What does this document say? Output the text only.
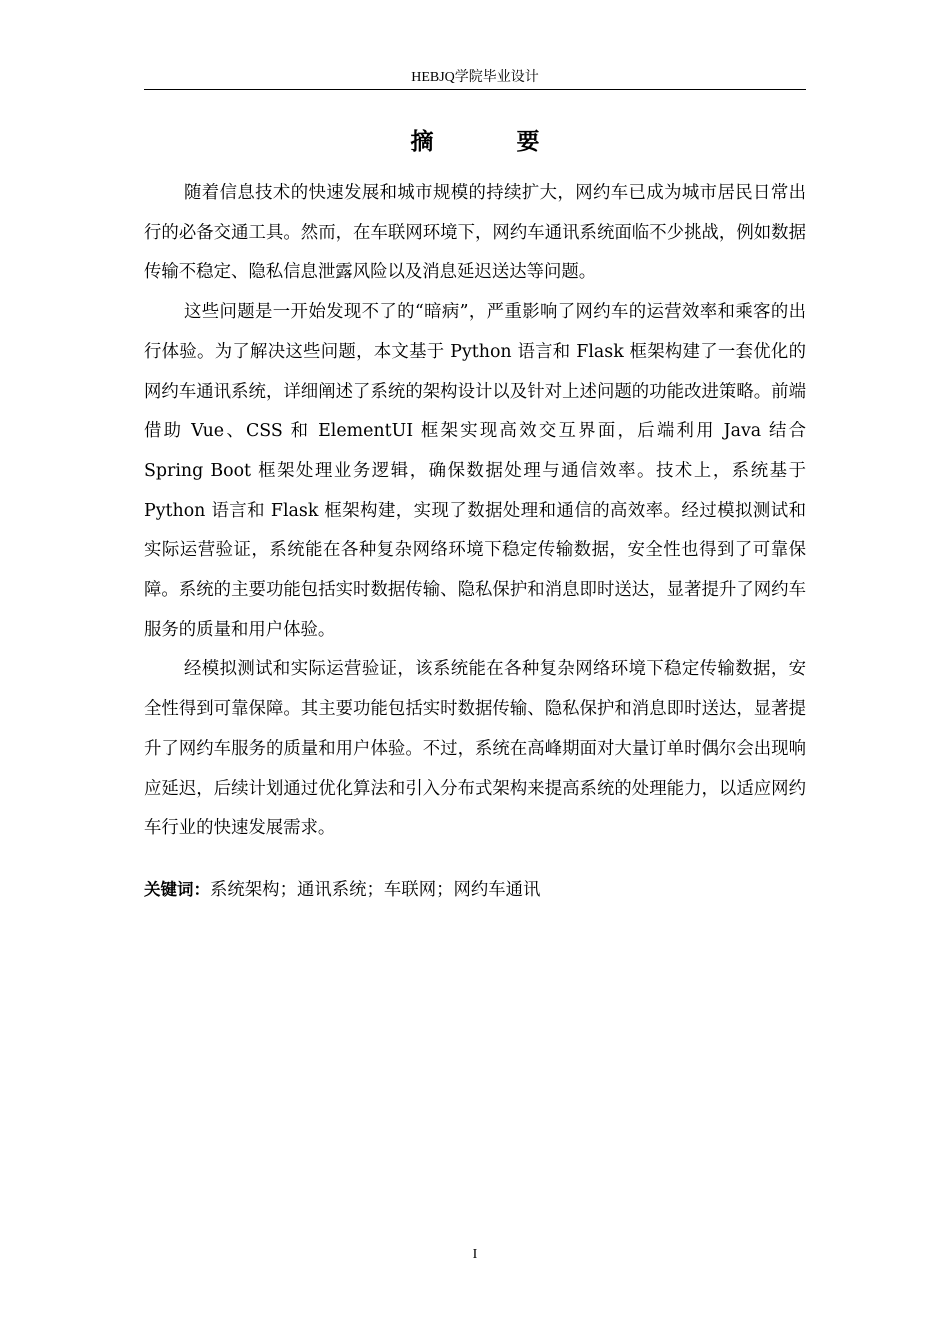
HEBJQ学院毕业设计
摘　要

随着信息技术的快速发展和城市规模的持续扩大，网约车已成为城市居民日常出行的必备交通工具。然而，在车联网环境下，网约车通讯系统面临不少挑战，例如数据传输不稳定、隐私信息泄露风险以及消息延迟送达等问题。

这些问题是一开始发现不了的“暗病”，严重影响了网约车的运营效率和乘客的出行体验。为了解决这些问题，本文基于 Python 语言和 Flask 框架构建了一套优化的网约车通讯系统，详细阐述了系统的架构设计以及针对上述问题的功能改进策略。前端借助 Vue、CSS 和 ElementUI 框架实现高效交互界面，后端利用 Java 结合 Spring Boot 框架处理业务逻辑，确保数据处理与通信效率。技术上，系统基于 Python 语言和 Flask 框架构建，实现了数据处理和通信的高效率。经过模拟测试和实际运营验证，系统能在各种复杂网络环境下稳定传输数据，安全性也得到了可靠保障。系统的主要功能包括实时数据传输、隐私保护和消息即时送达，显著提升了网约车服务的质量和用户体验。

经模拟测试和实际运营验证，该系统能在各种复杂网络环境下稳定传输数据，安全性得到可靠保障。其主要功能包括实时数据传输、隐私保护和消息即时送达，显著提升了网约车服务的质量和用户体验。不过，系统在高峰期面对大量订单时偶尔会出现响应延迟，后续计划通过优化算法和引入分布式架构来提高系统的处理能力，以适应网约车行业的快速发展需求。

关键词：系统架构；通讯系统；车联网；网约车通讯
I
